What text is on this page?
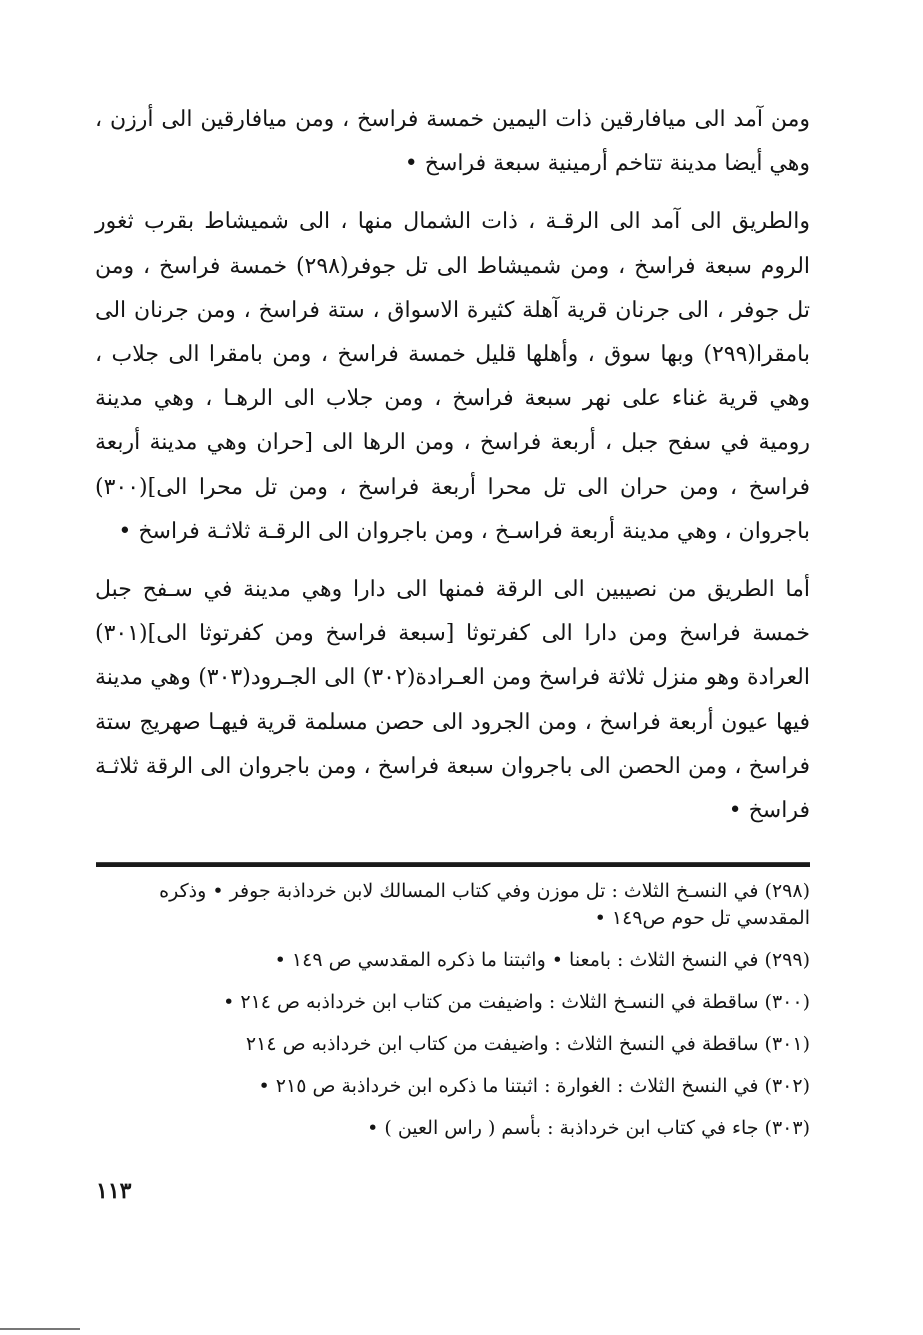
ومن آمد الى ميافارقين ذات اليمين خمسة فراسخ ، ومن ميافارقين الى أرزن ، وهي أيضا مدينة تتاخم أرمينية سبعة فراسخ •

والطريق الى آمد الى الرقـة ، ذات الشمال منها ، الى شميشاط بقرب ثغور الروم سبعة فراسخ ، ومن شميشاط الى تل جوفر(٢٩٨) خمسة فراسخ ، ومن تل جوفر ، الى جرنان قرية آهلة كثيرة الاسواق ، ستة فراسخ ، ومن جرنان الى بامقرا(٢٩٩) وبها سوق ، وأهلها قليل خمسة فراسخ ، ومن بامقرا الى جلاب ، وهي قرية غناء على نهر سبعة فراسخ ، ومن جلاب الى الرهـا ، وهي مدينة رومية في سفح جبل ، أربعة فراسخ ، ومن الرها الى [حران وهي مدينة أربعة فراسخ ، ومن حران الى تل محرا أربعة فراسخ ، ومن تل محرا الى](٣٠٠) باجروان ، وهي مدينة أربعة فراسـخ ، ومن باجروان الى الرقـة ثلاثـة فراسخ •

أما الطريق من نصيبين الى الرقة فمنها الى دارا وهي مدينة في سـفح جبل خمسة فراسخ ومن دارا الى كفرتوثا [سبعة فراسخ ومن كفرتوثا الى](٣٠١) العرادة وهو منزل ثلاثة فراسخ ومن العـرادة(٣٠٢) الى الجـرود(٣٠٣) وهي مدينة فيها عيون أربعة فراسخ ، ومن الجرود الى حصن مسلمة قرية فيهـا صهريج ستة فراسخ ، ومن الحصن الى باجروان سبعة فراسخ ، ومن باجروان الى الرقة ثلاثـة فراسخ •

(٢٩٨) في النسـخ الثلاث : تل موزن وفي كتاب المسالك لابن خرداذبة جوفر • وذكره المقدسي تل حوم ص١٤٩ •

(٢٩٩) في النسخ الثلاث : بامعنا • واثبتنا ما ذكره المقدسي ص ١٤٩ •

(٣٠٠) ساقطة في النسـخ الثلاث : واضيفت من كتاب ابن خرداذبه ص ٢١٤ •

(٣٠١) ساقطة في النسخ الثلاث : واضيفت من كتاب ابن خرداذبه ص ٢١٤

(٣٠٢) في النسخ الثلاث : الغوارة : اثبتنا ما ذكره ابن خرداذبة ص ٢١٥ •

(٣٠٣) جاء في كتاب ابن خرداذبة : بأسم ( راس العين ) •

١١٣
